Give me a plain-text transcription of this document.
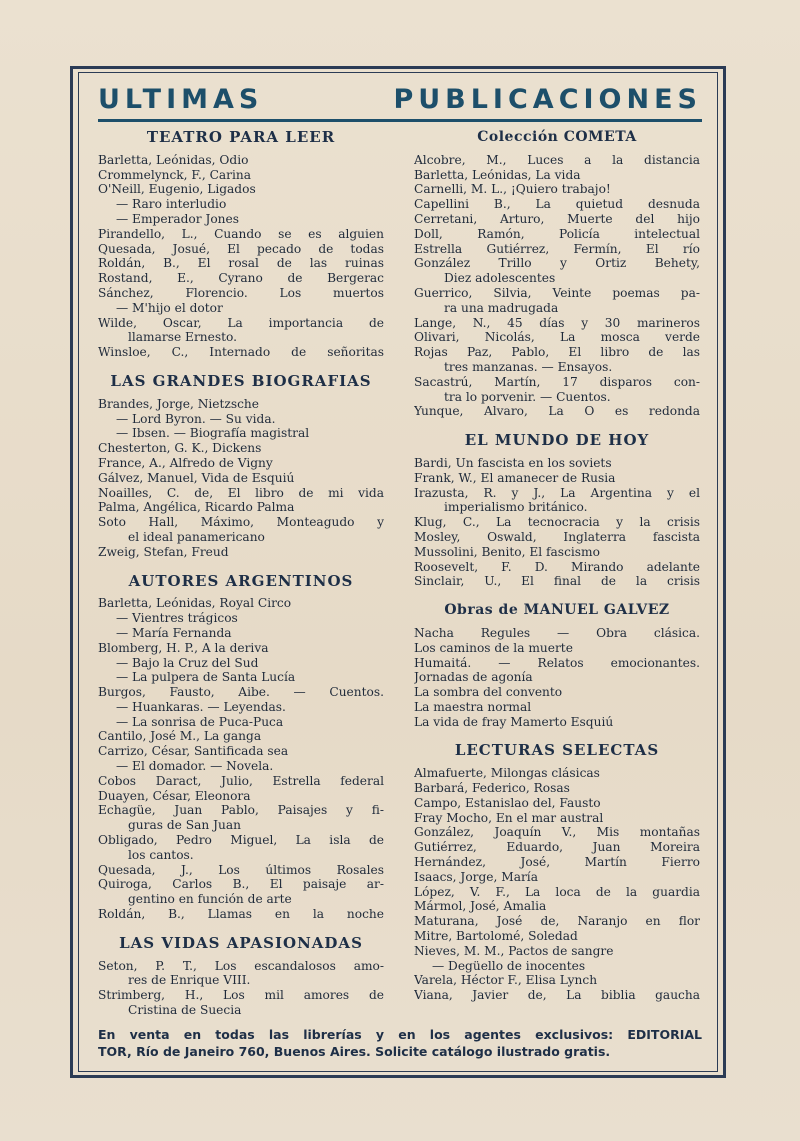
ULTIMAS	PUBLICACIONES
TEATRO PARA LEER
Barletta, Leónidas, Odio
Crommelynck, F., Carina
O'Neill, Eugenio, Ligados
— Raro interludio
— Emperador Jones
Pirandello, L., Cuando se es alguien
Quesada, Josué, El pecado de todas
Roldán, B., El rosal de las ruinas
Rostand, E., Cyrano de Bergerac
Sánchez, Florencio. Los muertos
— M'hijo el dotor
Wilde, Oscar, La importancia de
llamarse Ernesto.
Winsloe, C., Internado de señoritas
LAS GRANDES BIOGRAFIAS
Brandes, Jorge, Nietzsche
— Lord Byron. — Su vida.
— Ibsen. — Biografía magistral
Chesterton, G. K., Dickens
France, A., Alfredo de Vigny
Gálvez, Manuel, Vida de Esquiú
Noailles, C. de, El libro de mi vida
Palma, Angélica, Ricardo Palma
Soto Hall, Máximo, Monteagudo y
el ideal panamericano
Zweig, Stefan, Freud
AUTORES ARGENTINOS
Barletta, Leónidas, Royal Circo
— Vientres trágicos
— María Fernanda
Blomberg, H. P., A la deriva
— Bajo la Cruz del Sud
— La pulpera de Santa Lucía
Burgos, Fausto, Aibe. — Cuentos.
— Huankaras. — Leyendas.
— La sonrisa de Puca-Puca
Cantilo, José M., La ganga
Carrizo, César, Santificada sea
— El domador. — Novela.
Cobos Daract, Julio, Estrella federal
Duayen, César, Eleonora
Echagüe, Juan Pablo, Paisajes y fi-
guras de San Juan
Obligado, Pedro Miguel, La isla de
los cantos.
Quesada, J., Los últimos Rosales
Quiroga, Carlos B., El paisaje ar-
gentino en función de arte
Roldán, B., Llamas en la noche
LAS VIDAS APASIONADAS
Seton, P. T., Los escandalosos amo-
res de Enrique VIII.
Strimberg, H., Los mil amores de
Cristina de Suecia
Colección COMETA
Alcobre, M., Luces a la distancia
Barletta, Leónidas, La vida
Carnelli, M. L., ¡Quiero trabajo!
Capellini B., La quietud desnuda
Cerretani, Arturo, Muerte del hijo
Doll, Ramón, Policía intelectual
Estrella Gutiérrez, Fermín, El río
González Trillo y Ortiz Behety,
Diez adolescentes
Guerrico, Silvia, Veinte poemas pa-
ra una madrugada
Lange, N., 45 días y 30 marineros
Olivari, Nicolás, La mosca verde
Rojas Paz, Pablo, El libro de las
tres manzanas. — Ensayos.
Sacastrú, Martín, 17 disparos con-
tra lo porvenir. — Cuentos.
Yunque, Alvaro, La O es redonda
EL MUNDO DE HOY
Bardi, Un fascista en los soviets
Frank, W., El amanecer de Rusia
Irazusta, R. y J., La Argentina y el
imperialismo británico.
Klug, C., La tecnocracia y la crisis
Mosley, Oswald, Inglaterra fascista
Mussolini, Benito, El fascismo
Roosevelt, F. D. Mirando adelante
Sinclair, U., El final de la crisis
Obras de MANUEL GALVEZ
Nacha Regules — Obra clásica.
Los caminos de la muerte
Humaitá. — Relatos emocionantes.
Jornadas de agonía
La sombra del convento
La maestra normal
La vida de fray Mamerto Esquiú
LECTURAS SELECTAS
Almafuerte, Milongas clásicas
Barbará, Federico, Rosas
Campo, Estanislao del, Fausto
Fray Mocho, En el mar austral
González, Joaquín V., Mis montañas
Gutiérrez, Eduardo, Juan Moreira
Hernández, José, Martín Fierro
Isaacs, Jorge, María
López, V. F., La loca de la guardia
Mármol, José, Amalia
Maturana, José de, Naranjo en flor
Mitre, Bartolomé, Soledad
Nieves, M. M., Pactos de sangre
— Degüello de inocentes
Varela, Héctor F., Elisa Lynch
Viana, Javier de, La biblia gaucha
En venta en todas las librerías y en los agentes exclusivos: EDITORIAL
TOR, Río de Janeiro 760, Buenos Aires. Solicite catálogo ilustrado gratis.
